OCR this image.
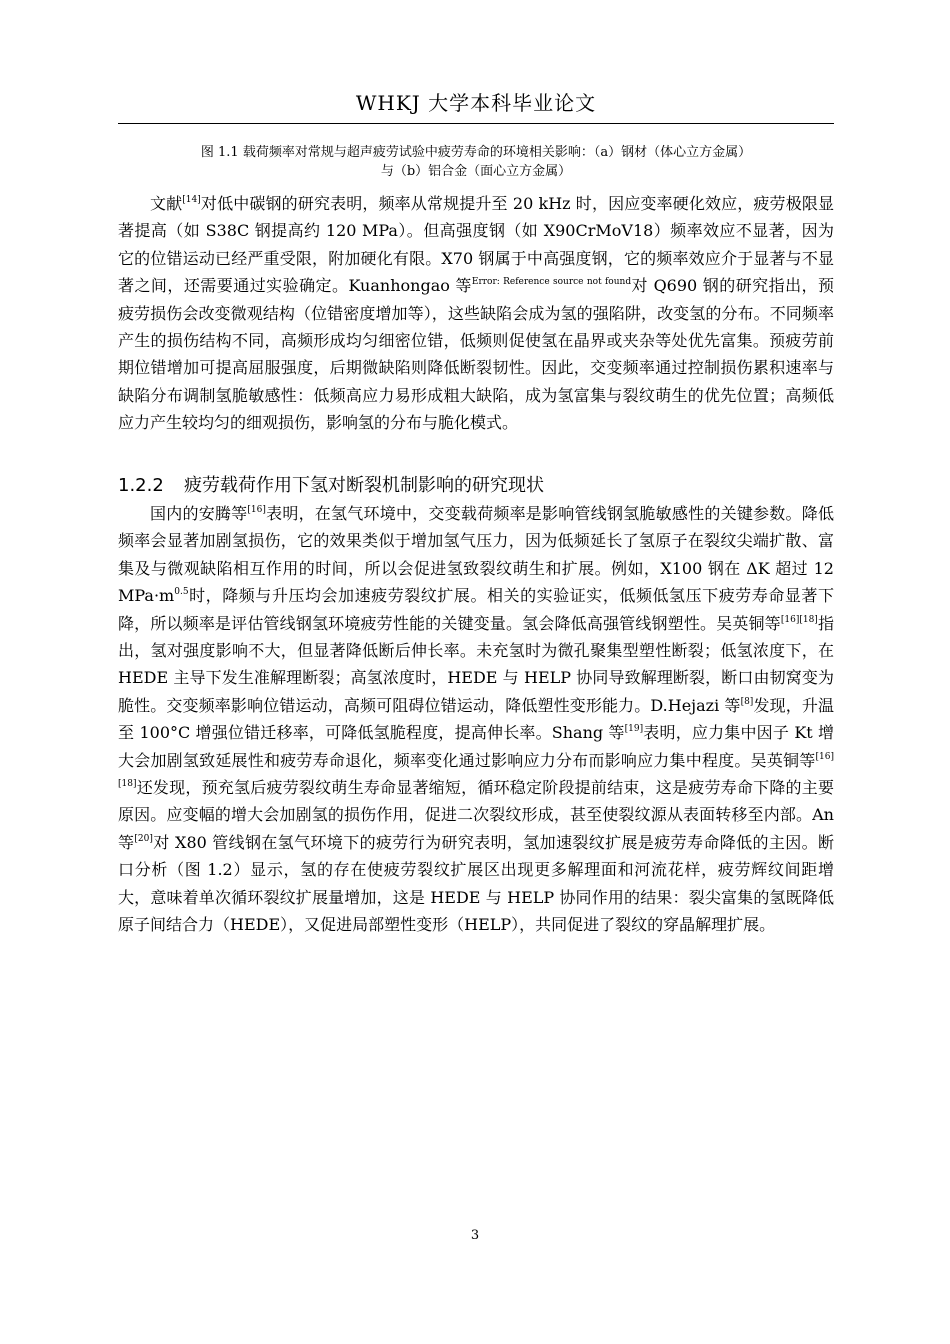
WHKJ 大学本科毕业论文
图 1.1 载荷频率对常规与超声疲劳试验中疲劳寿命的环境相关影响：（a）钢材（体心立方金属）
与（b）铝合金（面心立方金属）

文献[14]对低中碳钢的研究表明，频率从常规提升至 20 kHz 时，因应变率硬化效应，疲劳极限显著提高（如 S38C 钢提高约 120 MPa）。但高强度钢（如 X90CrMoV18）频率效应不显著，因为它的位错运动已经严重受限，附加硬化有限。X70 钢属于中高强度钢，它的频率效应介于显著与不显著之间，还需要通过实验确定。Kuanhongao 等$^{Error: Reference source not found}$对 Q690 钢的研究指出，预疲劳损伤会改变微观结构（位错密度增加等），这些缺陷会成为氢的强陷阱，改变氢的分布。不同频率产生的损伤结构不同，高频形成均匀细密位错，低频则促使氢在晶界或夹杂等处优先富集。预疲劳前期位错增加可提高屈服强度，后期微缺陷则降低断裂韧性。因此，交变频率通过控制损伤累积速率与缺陷分布调制氢脆敏感性：低频高应力易形成粗大缺陷，成为氢富集与裂纹萌生的优先位置；高频低应力产生较均匀的细观损伤，影响氢的分布与脆化模式。

1.2.2 疲劳载荷作用下氢对断裂机制影响的研究现状

国内的安腾等[16]表明，在氢气环境中，交变载荷频率是影响管线钢氢脆敏感性的关键参数。降低频率会显著加剧氢损伤，它的效果类似于增加氢气压力，因为低频延长了氢原子在裂纹尖端扩散、富集及与微观缺陷相互作用的时间，所以会促进氢致裂纹萌生和扩展。例如，X100 钢在 ΔK 超过 12 $MPa\cdot m^{0.5}$时，降频与升压均会加速疲劳裂纹扩展。相关的实验证实，低频低氢压下疲劳寿命显著下降，所以频率是评估管线钢氢环境疲劳性能的关键变量。氢会降低高强管线钢塑性。吴英铜等[16][18]指出，氢对强度影响不大，但显著降低断后伸长率。未充氢时为微孔聚集型塑性断裂；低氢浓度下，在 HEDE 主导下发生准解理断裂；高氢浓度时，HEDE 与 HELP 协同导致解理断裂，断口由韧窝变为脆性。交变频率影响位错运动，高频可阻碍位错运动，降低塑性变形能力。D.Hejazi 等[8]发现，升温至 100°C 增强位错迁移率，可降低氢脆程度，提高伸长率。Shang 等[19]表明，应力集中因子 Kt 增大会加剧氢致延展性和疲劳寿命退化，频率变化通过影响应力分布而影响应力集中程度。吴英铜等[16][18]还发现，预充氢后疲劳裂纹萌生寿命显著缩短，循环稳定阶段提前结束，这是疲劳寿命下降的主要原因。应变幅的增大会加剧氢的损伤作用，促进二次裂纹形成，甚至使裂纹源从表面转移至内部。An 等[20]对 X80 管线钢在氢气环境下的疲劳行为研究表明，氢加速裂纹扩展是疲劳寿命降低的主因。断口分析（图 1.2）显示，氢的存在使疲劳裂纹扩展区出现更多解理面和河流花样，疲劳辉纹间距增大，意味着单次循环裂纹扩展量增加，这是 HEDE 与 HELP 协同作用的结果：裂尖富集的氢既降低原子间结合力（HEDE），又促进局部塑性变形（HELP），共同促进了裂纹的穿晶解理扩展。

3
